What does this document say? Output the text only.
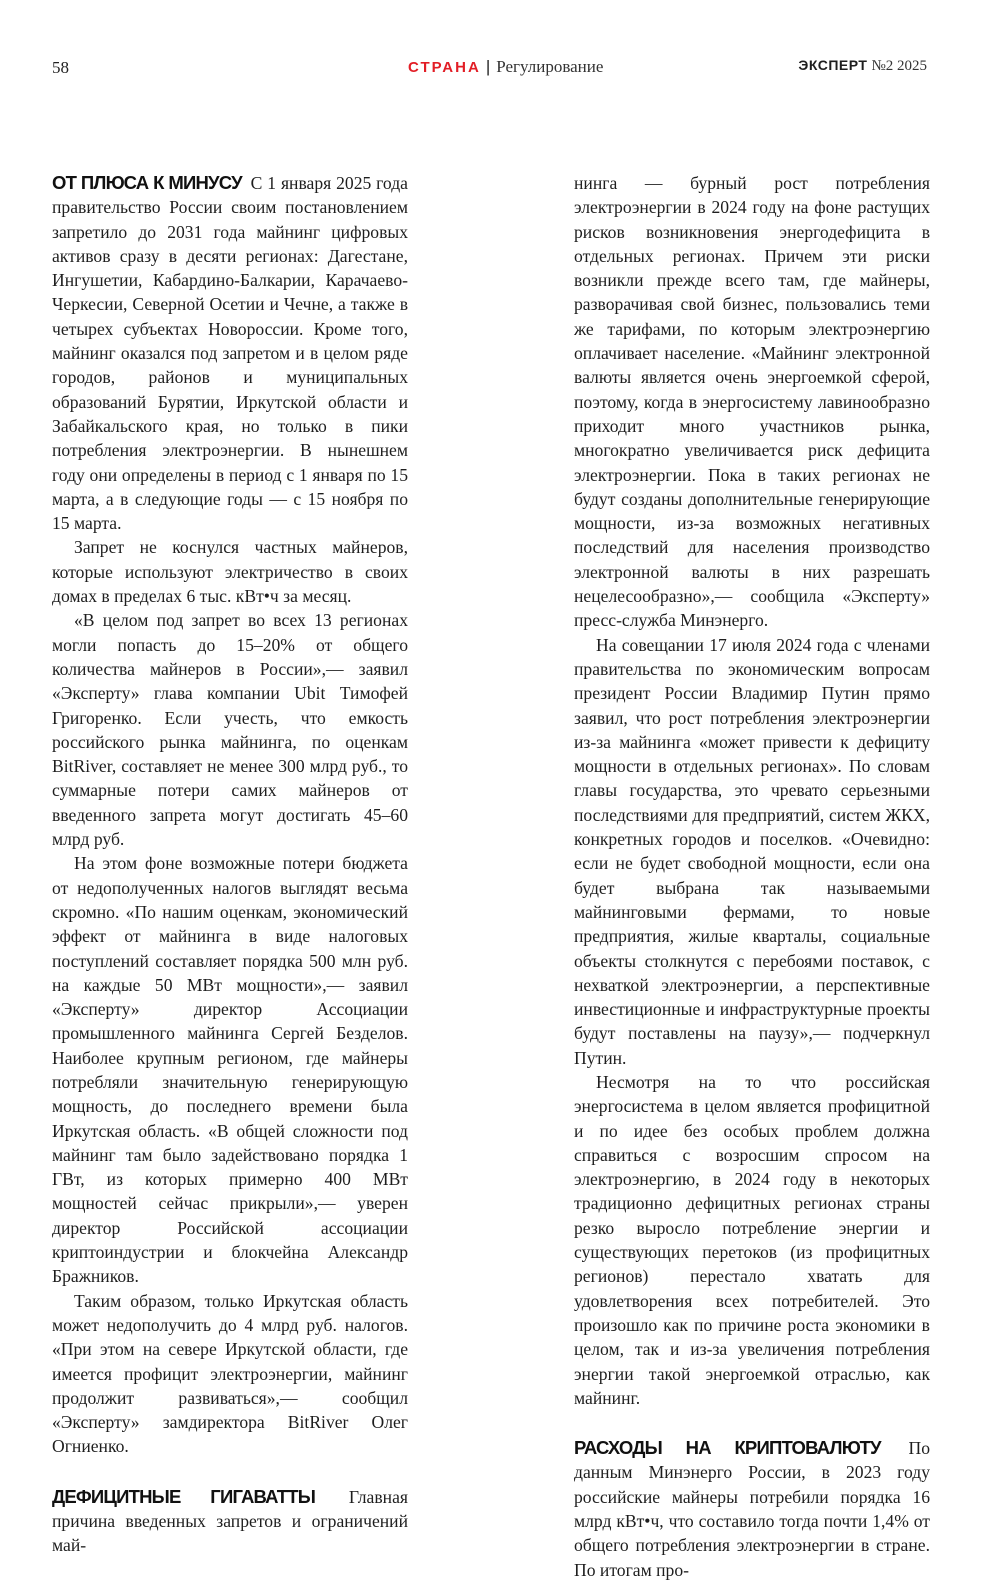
58	СТРАНА | Регулирование	ЭКСПЕРТ №2 2025

ОТ ПЛЮСА К МИНУСУ С 1 января 2025 года правительство России своим постановлением запретило до 2031 года майнинг цифровых активов сразу в десяти регионах: Дагестане, Ингушетии, Кабардино-Балкарии, Карачаево-Черкесии, Северной Осетии и Чечне, а также в четырех субъектах Новороссии. Кроме того, майнинг оказался под запретом и в целом ряде городов, районов и муниципальных образований Бурятии, Иркутской области и Забайкальского края, но только в пики потребления электроэнергии. В нынешнем году они определены в период с 1 января по 15 марта, а в следующие годы — с 15 ноября по 15 марта.

Запрет не коснулся частных майнеров, которые используют электричество в своих домах в пределах 6 тыс. кВт•ч за месяц.

«В целом под запрет во всех 13 регионах могли попасть до 15–20% от общего количества майнеров в России»,— заявил «Эксперту» глава компании Ubit Тимофей Григоренко. Если учесть, что емкость российского рынка майнинга, по оценкам BitRiver, составляет не менее 300 млрд руб., то суммарные потери самих майнеров от введенного запрета могут достигать 45–60 млрд руб.

На этом фоне возможные потери бюджета от недополученных налогов выглядят весьма скромно. «По нашим оценкам, экономический эффект от майнинга в виде налоговых поступлений составляет порядка 500 млн руб. на каждые 50 МВт мощности»,— заявил «Эксперту» директор Ассоциации промышленного майнинга Сергей Безделов. Наиболее крупным регионом, где майнеры потребляли значительную генерирующую мощность, до последнего времени была Иркутская область. «В общей сложности под майнинг там было задействовано порядка 1 ГВт, из которых примерно 400 МВт мощностей сейчас прикрыли»,— уверен директор Российской ассоциации криптоиндустрии и блокчейна Александр Бражников.

Таким образом, только Иркутская область может недополучить до 4 млрд руб. налогов. «При этом на севере Иркутской области, где имеется профицит электроэнергии, майнинг продолжит развиваться»,— сообщил «Эксперту» замдиректора BitRiver Олег Огниенко.

ДЕФИЦИТНЫЕ ГИГАВАТТЫ Главная причина введенных запретов и ограничений май-

нинга — бурный рост потребления электроэнергии в 2024 году на фоне растущих рисков возникновения энергодефицита в отдельных регионах. Причем эти риски возникли прежде всего там, где майнеры, разворачивая свой бизнес, пользовались теми же тарифами, по которым электроэнергию оплачивает население. «Майнинг электронной валюты является очень энергоемкой сферой, поэтому, когда в энергосистему лавинообразно приходит много участников рынка, многократно увеличивается риск дефицита электроэнергии. Пока в таких регионах не будут созданы дополнительные генерирующие мощности, из-за возможных негативных последствий для населения производство электронной валюты в них разрешать нецелесообразно»,— сообщила «Эксперту» пресс-служба Минэнерго.

На совещании 17 июля 2024 года с членами правительства по экономическим вопросам президент России Владимир Путин прямо заявил, что рост потребления электроэнергии из-за майнинга «может привести к дефициту мощности в отдельных регионах». По словам главы государства, это чревато серьезными последствиями для предприятий, систем ЖКХ, конкретных городов и поселков. «Очевидно: если не будет свободной мощности, если она будет выбрана так называемыми майнинговыми фермами, то новые предприятия, жилые кварталы, социальные объекты столкнутся с перебоями поставок, с нехваткой электроэнергии, а перспективные инвестиционные и инфраструктурные проекты будут поставлены на паузу»,— подчеркнул Путин.

Несмотря на то что российская энергосистема в целом является профицитной и по идее без особых проблем должна справиться с возросшим спросом на электроэнергию, в 2024 году в некоторых традиционно дефицитных регионах страны резко выросло потребление энергии и существующих перетоков (из профицитных регионов) перестало хватать для удовлетворения всех потребителей. Это произошло как по причине роста экономики в целом, так и из-за увеличения потребления энергии такой энергоемкой отраслью, как майнинг.

РАСХОДЫ НА КРИПТОВАЛЮТУ По данным Минэнерго России, в 2023 году российские майнеры потребили порядка 16 млрд кВт•ч, что составило тогда почти 1,4% от общего потребления электроэнергии в стране. По итогам про-
